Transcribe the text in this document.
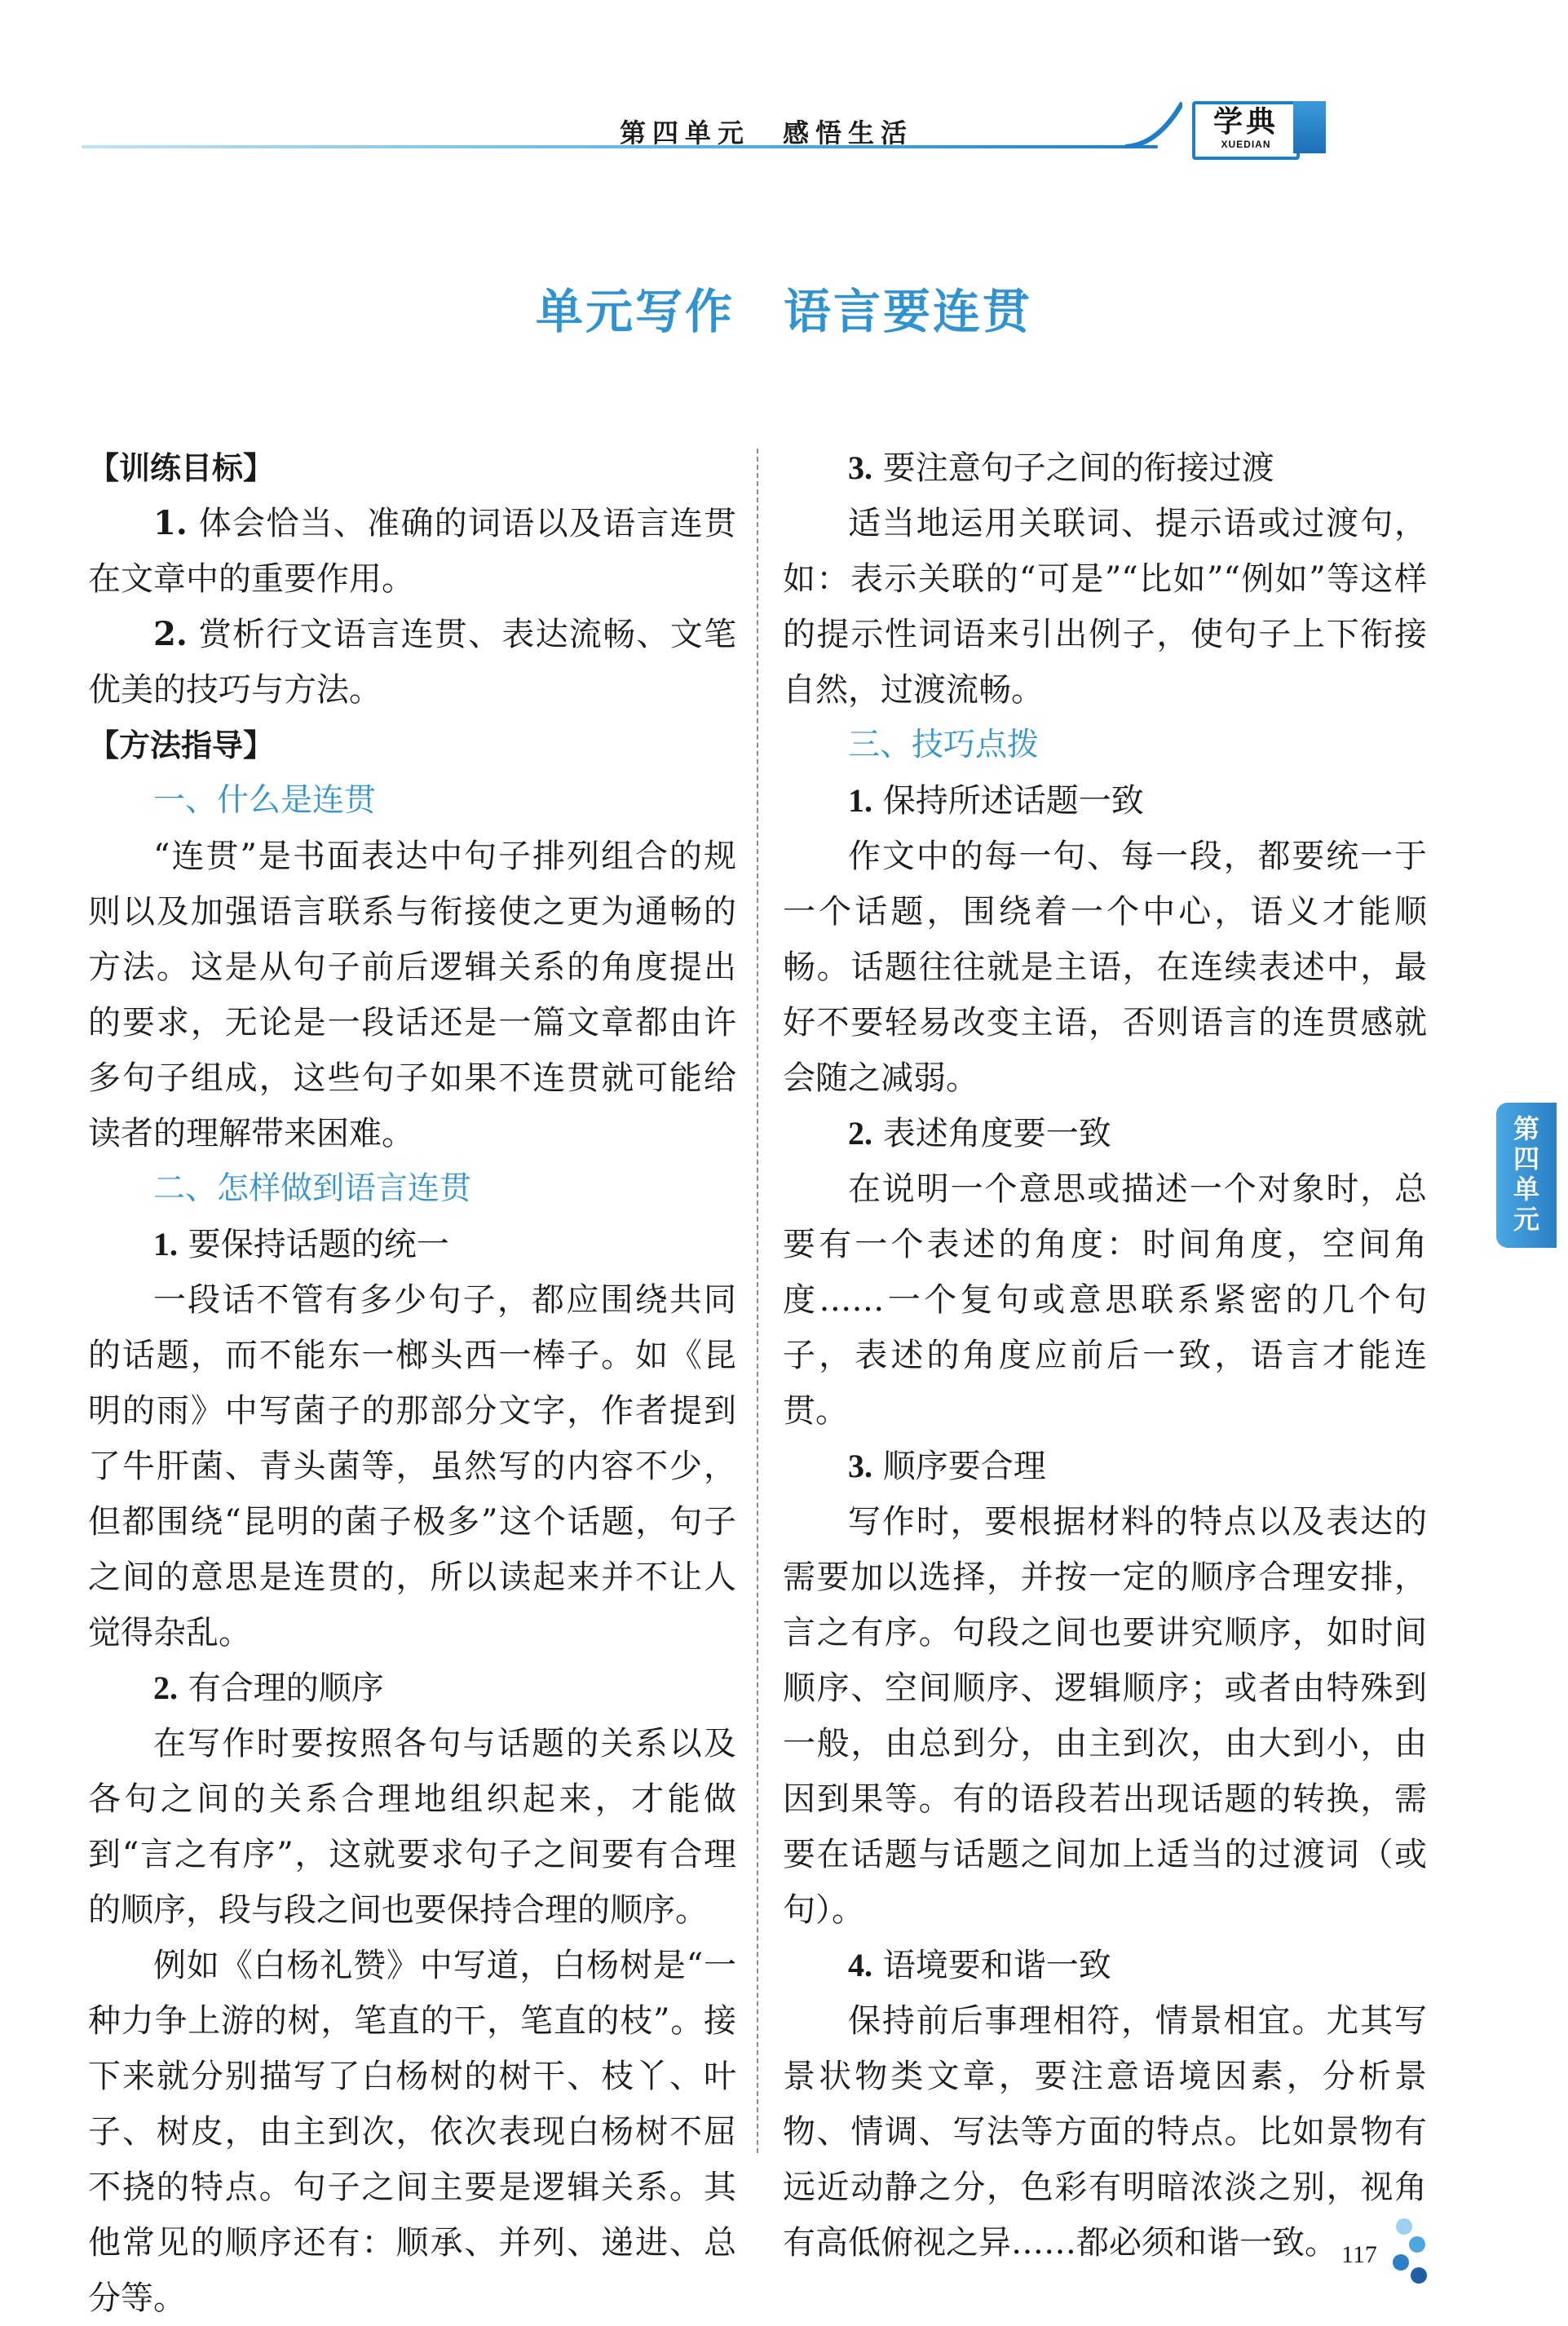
第四单元　感悟生活	学典
XUEDIAN
单元写作 语言要连贯

【训练目标】

1. 体会恰当、准确的词语以及语言连贯在文章中的重要作用。

2. 赏析行文语言连贯、表达流畅、文笔优美的技巧与方法。

【方法指导】

一、什么是连贯

“连贯”是书面表达中句子排列组合的规则以及加强语言联系与衔接使之更为通畅的方法。这是从句子前后逻辑关系的角度提出的要求，无论是一段话还是一篇文章都由许多句子组成，这些句子如果不连贯就可能给读者的理解带来困难。

二、怎样做到语言连贯

1. 要保持话题的统一

一段话不管有多少句子，都应围绕共同的话题，而不能东一榔头西一棒子。如《昆明的雨》中写菌子的那部分文字，作者提到了牛肝菌、青头菌等，虽然写的内容不少，但都围绕“昆明的菌子极多”这个话题，句子之间的意思是连贯的，所以读起来并不让人觉得杂乱。

2. 有合理的顺序

在写作时要按照各句与话题的关系以及各句之间的关系合理地组织起来，才能做到“言之有序”，这就要求句子之间要有合理的顺序，段与段之间也要保持合理的顺序。

例如《白杨礼赞》中写道，白杨树是“一种力争上游的树，笔直的干，笔直的枝”。接下来就分别描写了白杨树的树干、枝丫、叶子、树皮，由主到次，依次表现白杨树不屈不挠的特点。句子之间主要是逻辑关系。其他常见的顺序还有：顺承、并列、递进、总分等。

3. 要注意句子之间的衔接过渡

适当地运用关联词、提示语或过渡句，如：表示关联的“可是”“比如”“例如”等这样的提示性词语来引出例子，使句子上下衔接自然，过渡流畅。

三、技巧点拨

1. 保持所述话题一致

作文中的每一句、每一段，都要统一于一个话题，围绕着一个中心，语义才能顺畅。话题往往就是主语，在连续表述中，最好不要轻易改变主语，否则语言的连贯感就会随之减弱。

2. 表述角度要一致

在说明一个意思或描述一个对象时，总要有一个表述的角度：时间角度，空间角度……一个复句或意思联系紧密的几个句子，表述的角度应前后一致，语言才能连贯。

3. 顺序要合理

写作时，要根据材料的特点以及表达的需要加以选择，并按一定的顺序合理安排，言之有序。句段之间也要讲究顺序，如时间顺序、空间顺序、逻辑顺序；或者由特殊到一般，由总到分，由主到次，由大到小，由因到果等。有的语段若出现话题的转换，需要在话题与话题之间加上适当的过渡词（或句）。

4. 语境要和谐一致

保持前后事理相符，情景相宜。尤其写景状物类文章，要注意语境因素，分析景物、情调、写法等方面的特点。比如景物有远近动静之分，色彩有明暗浓淡之别，视角有高低俯视之异……都必须和谐一致。

第四单元
117
